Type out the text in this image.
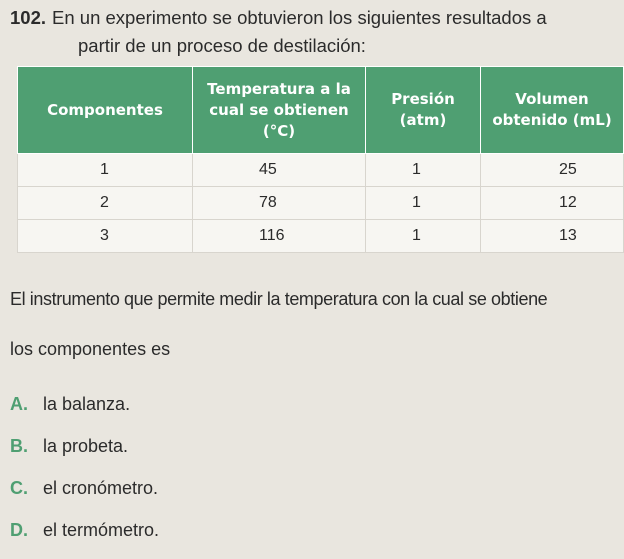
102. En un experimento se obtuvieron los siguientes resultados a
partir de un proceso de destilación:
Componentes	Temperatura a la cual se obtienen (°C)	Presión (atm)	Volumen obtenido (mL)
1	45	1	25
2	78	1	12
3	116	1	13
El instrumento que permite medir la temperatura con la cual se obtiene
los componentes es
A. la balanza.
B. la probeta.
C. el cronómetro.
D. el termómetro.
